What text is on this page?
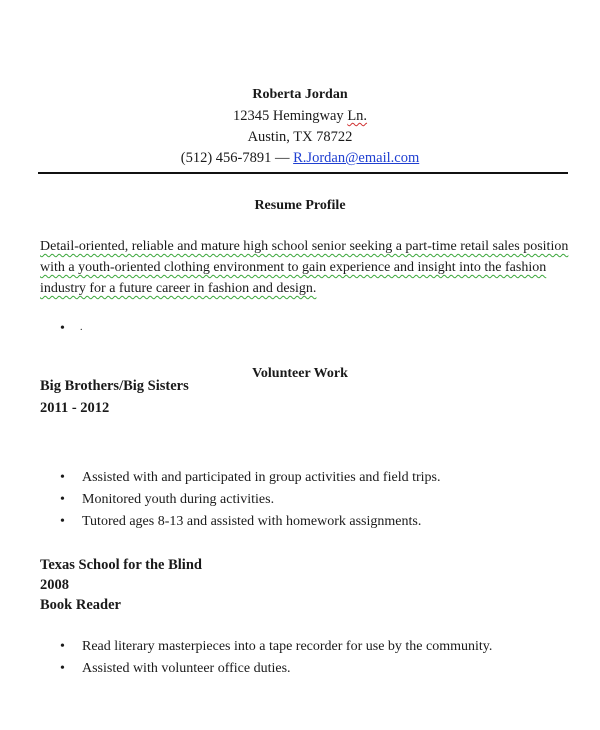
Roberta Jordan
12345 Hemingway Ln.
Austin, TX 78722
(512) 456-7891 — R.Jordan@email.com
Resume Profile
Detail-oriented, reliable and mature high school senior seeking a part-time retail sales position with a youth-oriented clothing environment to gain experience and insight into the fashion industry for a future career in fashion and design.
• .
Volunteer Work
Big Brothers/Big Sisters
2011 - 2012
• Assisted with and participated in group activities and field trips.
• Monitored youth during activities.
• Tutored ages 8-13 and assisted with homework assignments.
Texas School for the Blind
2008
Book Reader
• Read literary masterpieces into a tape recorder for use by the community.
• Assisted with volunteer office duties.
